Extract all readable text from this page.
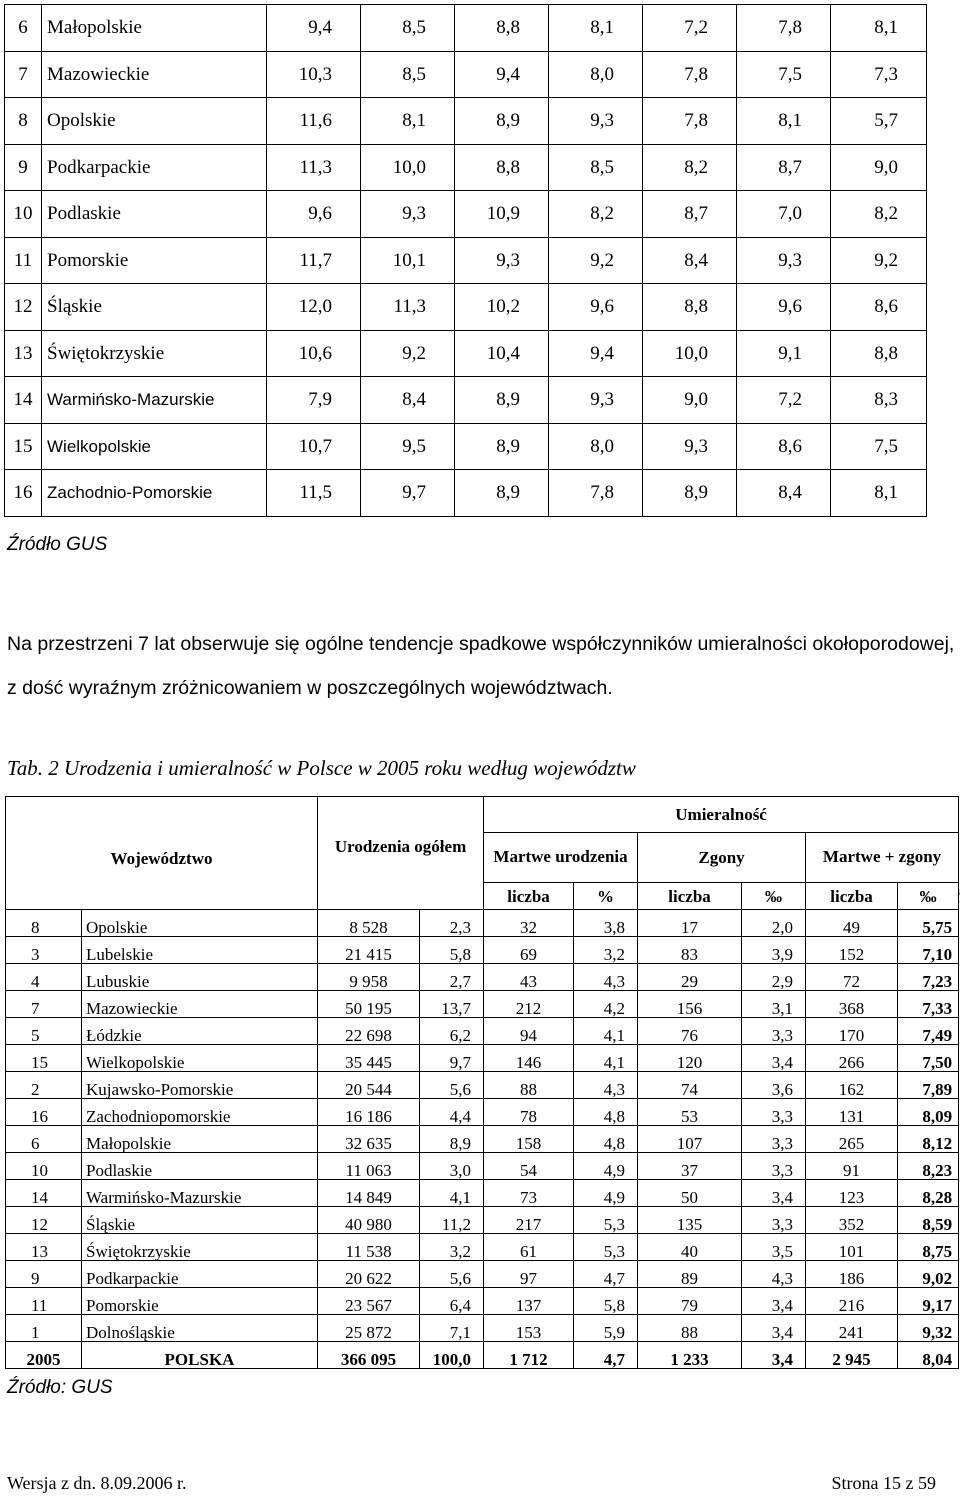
6	Małopolskie	9,4	8,5	8,8	8,1	7,2	7,8	8,1
7	Mazowieckie	10,3	8,5	9,4	8,0	7,8	7,5	7,3
8	Opolskie	11,6	8,1	8,9	9,3	7,8	8,1	5,7
9	Podkarpackie	11,3	10,0	8,8	8,5	8,2	8,7	9,0
10	Podlaskie	9,6	9,3	10,9	8,2	8,7	7,0	8,2
11	Pomorskie	11,7	10,1	9,3	9,2	8,4	9,3	9,2
12	Śląskie	12,0	11,3	10,2	9,6	8,8	9,6	8,6
13	Świętokrzyskie	10,6	9,2	10,4	9,4	10,0	9,1	8,8
14	Warmińsko-Mazurskie	7,9	8,4	8,9	9,3	9,0	7,2	8,3
15	Wielkopolskie	10,7	9,5	8,9	8,0	9,3	8,6	7,5
16	Zachodnio-Pomorskie	11,5	9,7	8,9	7,8	8,9	8,4	8,1
Źródło GUS
Na przestrzeni 7 lat obserwuje się ogólne tendencje spadkowe współczynników umieralności okołoporodowej, z dość wyraźnym zróżnicowaniem w poszczególnych województwach.
Tab. 2 Urodzenia i umieralność w Polsce w 2005 roku według województw
Województwo		Urodzenia ogółem		Umieralność						
				Martwe urodzenia		Zgony		Martwe + zgony		
				liczba	%	liczba	‰	liczba	‰		
8	Opolskie	8 528	2,3	32	3,8	17	2,0	49	5,75	
3	Lubelskie	21 415	5,8	69	3,2	83	3,9	152	7,10	
4	Lubuskie	9 958	2,7	43	4,3	29	2,9	72	7,23	
7	Mazowieckie	50 195	13,7	212	4,2	156	3,1	368	7,33	
5	Łódzkie	22 698	6,2	94	4,1	76	3,3	170	7,49	
15	Wielkopolskie	35 445	9,7	146	4,1	120	3,4	266	7,50	
2	Kujawsko-Pomorskie	20 544	5,6	88	4,3	74	3,6	162	7,89	
16	Zachodniopomorskie	16 186	4,4	78	4,8	53	3,3	131	8,09	
6	Małopolskie	32 635	8,9	158	4,8	107	3,3	265	8,12	
10	Podlaskie	11 063	3,0	54	4,9	37	3,3	91	8,23	
14	Warmińsko-Mazurskie	14 849	4,1	73	4,9	50	3,4	123	8,28	
12	Śląskie	40 980	11,2	217	5,3	135	3,3	352	8,59	
13	Świętokrzyskie	11 538	3,2	61	5,3	40	3,5	101	8,75	
9	Podkarpackie	20 622	5,6	97	4,7	89	4,3	186	9,02	
11	Pomorskie	23 567	6,4	137	5,8	79	3,4	216	9,17	
1	Dolnośląskie	25 872	7,1	153	5,9	88	3,4	241	9,32	
2005	POLSKA	366 095	100,0	1 712	4,7	1 233	3,4	2 945	8,04	
Źródło: GUS
Wersja z dn. 8.09.2006 r.	Strona 15 z 59
